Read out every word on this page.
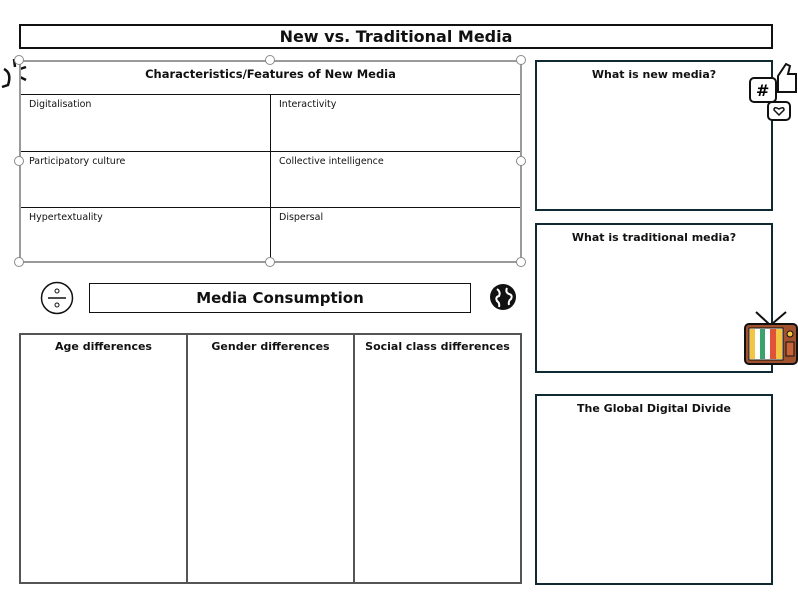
New vs. Traditional Media
Characteristics/Features of New Media
Digitalisation	Interactivity
Participatory culture	Collective intelligence
Hypertextuality	Dispersal
Media Consumption
Age differences	Gender differences	Social class differences
What is new media?
What is traditional media?
The Global Digital Divide
#
